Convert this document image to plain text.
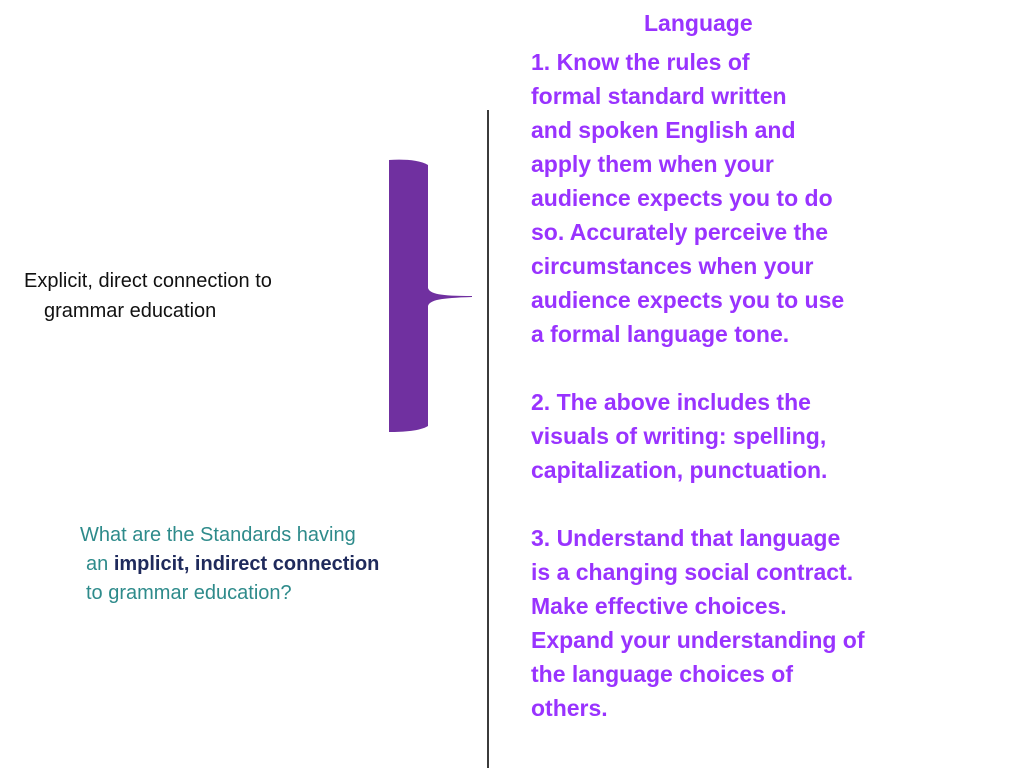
Language
1. Know the rules of
formal standard written
and spoken English and
apply them when your
audience expects you to do
so. Accurately perceive the
circumstances when your
audience expects you to use
a formal language tone.
2. The above includes the
visuals of writing: spelling,
capitalization, punctuation.
3. Understand that language
is a changing social contract.
Make effective choices.
Expand your understanding of
the language choices of
others.
Explicit, direct connection to
grammar education
What are the Standards having
an implicit, indirect connection
to grammar education?
